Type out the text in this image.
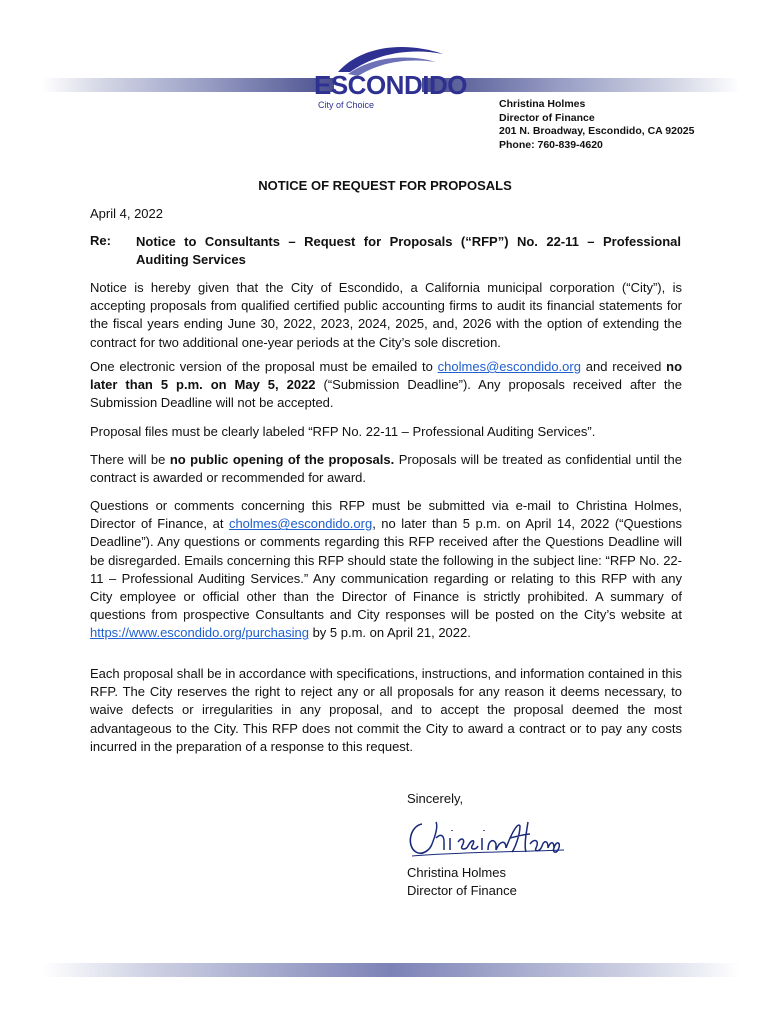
ESCONDIDO
City of Choice	Christina Holmes
Director of Finance
201 N. Broadway, Escondido, CA 92025
Phone: 760-839-4620
NOTICE OF REQUEST FOR PROPOSALS
April 4, 2022
Re: Notice to Consultants – Request for Proposals (“RFP”) No. 22-11 – Professional Auditing Services
Notice is hereby given that the City of Escondido, a California municipal corporation (“City”), is accepting proposals from qualified certified public accounting firms to audit its financial statements for the fiscal years ending June 30, 2022, 2023, 2024, 2025, and, 2026 with the option of extending the contract for two additional one-year periods at the City’s sole discretion.
One electronic version of the proposal must be emailed to cholmes@escondido.org and received no later than 5 p.m. on May 5, 2022 (“Submission Deadline”). Any proposals received after the Submission Deadline will not be accepted.
Proposal files must be clearly labeled “RFP No. 22-11 – Professional Auditing Services”.
There will be no public opening of the proposals. Proposals will be treated as confidential until the contract is awarded or recommended for award.
Questions or comments concerning this RFP must be submitted via e-mail to Christina Holmes, Director of Finance, at cholmes@escondido.org, no later than 5 p.m. on April 14, 2022 (“Questions Deadline”). Any questions or comments regarding this RFP received after the Questions Deadline will be disregarded. Emails concerning this RFP should state the following in the subject line: “RFP No. 22-11 – Professional Auditing Services.” Any communication regarding or relating to this RFP with any City employee or official other than the Director of Finance is strictly prohibited. A summary of questions from prospective Consultants and City responses will be posted on the City’s website at https://www.escondido.org/purchasing by 5 p.m. on April 21, 2022.
Each proposal shall be in accordance with specifications, instructions, and information contained in this RFP. The City reserves the right to reject any or all proposals for any reason it deems necessary, to waive defects or irregularities in any proposal, and to accept the proposal deemed the most advantageous to the City. This RFP does not commit the City to award a contract or to pay any costs incurred in the preparation of a response to this request.
Sincerely,
Christina Holmes
Director of Finance
